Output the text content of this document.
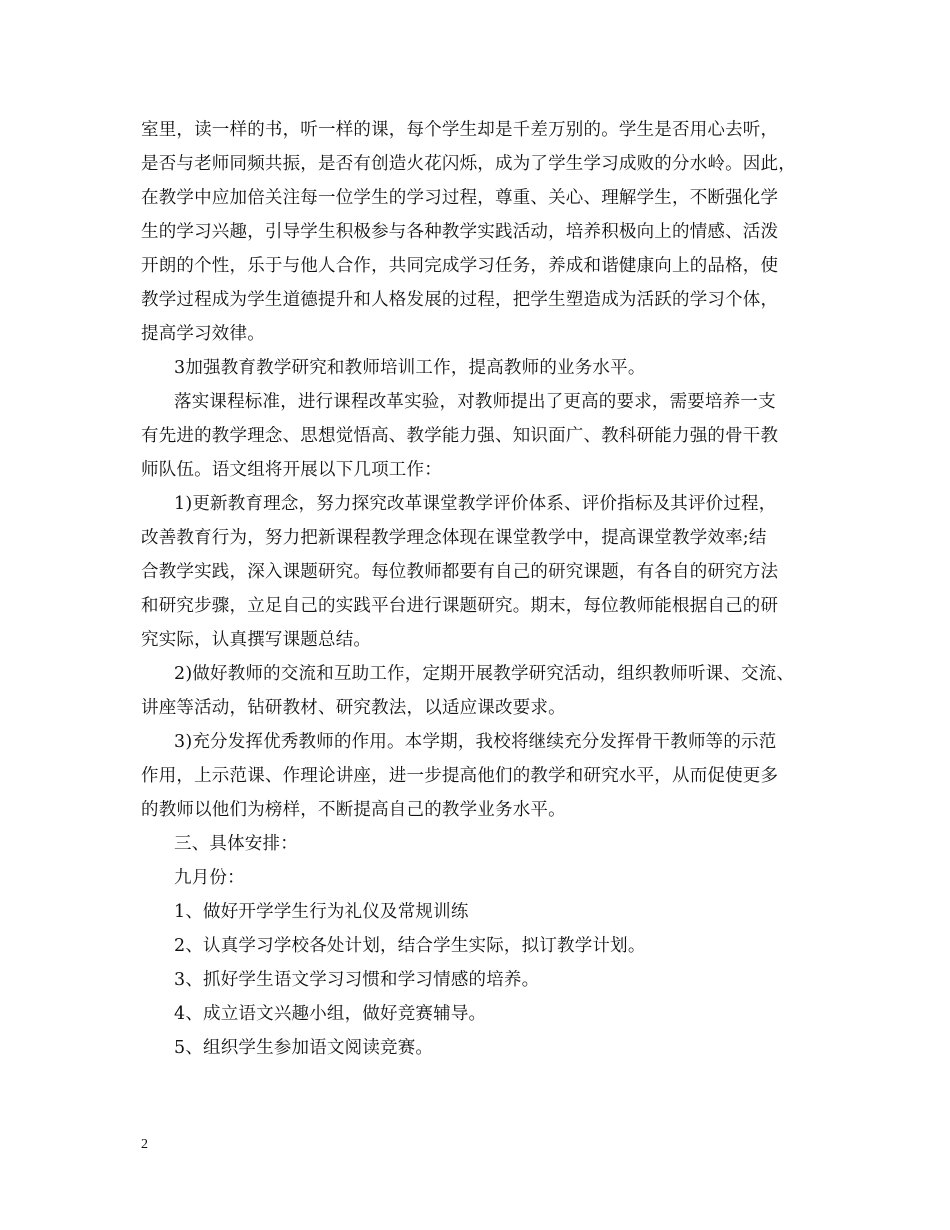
室里，读一样的书，听一样的课，每个学生却是千差万别的。学生是否用心去听，
是否与老师同频共振，是否有创造火花闪烁，成为了学生学习成败的分水岭。因此，
在教学中应加倍关注每一位学生的学习过程，尊重、关心、理解学生，不断强化学
生的学习兴趣，引导学生积极参与各种教学实践活动，培养积极向上的情感、活泼
开朗的个性，乐于与他人合作，共同完成学习任务，养成和谐健康向上的品格，使
教学过程成为学生道德提升和人格发展的过程，把学生塑造成为活跃的学习个体，
提高学习效律。
3加强教育教学研究和教师培训工作，提高教师的业务水平。
落实课程标准，进行课程改革实验，对教师提出了更高的要求，需要培养一支
有先进的教学理念、思想觉悟高、教学能力强、知识面广、教科研能力强的骨干教
师队伍。语文组将开展以下几项工作：
1)更新教育理念，努力探究改革课堂教学评价体系、评价指标及其评价过程，
改善教育行为，努力把新课程教学理念体现在课堂教学中，提高课堂教学效率;结
合教学实践，深入课题研究。每位教师都要有自己的研究课题，有各自的研究方法
和研究步骤，立足自己的实践平台进行课题研究。期末，每位教师能根据自己的研
究实际，认真撰写课题总结。
2)做好教师的交流和互助工作，定期开展教学研究活动，组织教师听课、交流、
讲座等活动，钻研教材、研究教法，以适应课改要求。
3)充分发挥优秀教师的作用。本学期，我校将继续充分发挥骨干教师等的示范
作用，上示范课、作理论讲座，进一步提高他们的教学和研究水平，从而促使更多
的教师以他们为榜样，不断提高自己的教学业务水平。
三、具体安排：
九月份：
1、做好开学学生行为礼仪及常规训练
2、认真学习学校各处计划，结合学生实际，拟订教学计划。
3、抓好学生语文学习习惯和学习情感的培养。
4、成立语文兴趣小组，做好竞赛辅导。
5、组织学生参加语文阅读竞赛。
2
